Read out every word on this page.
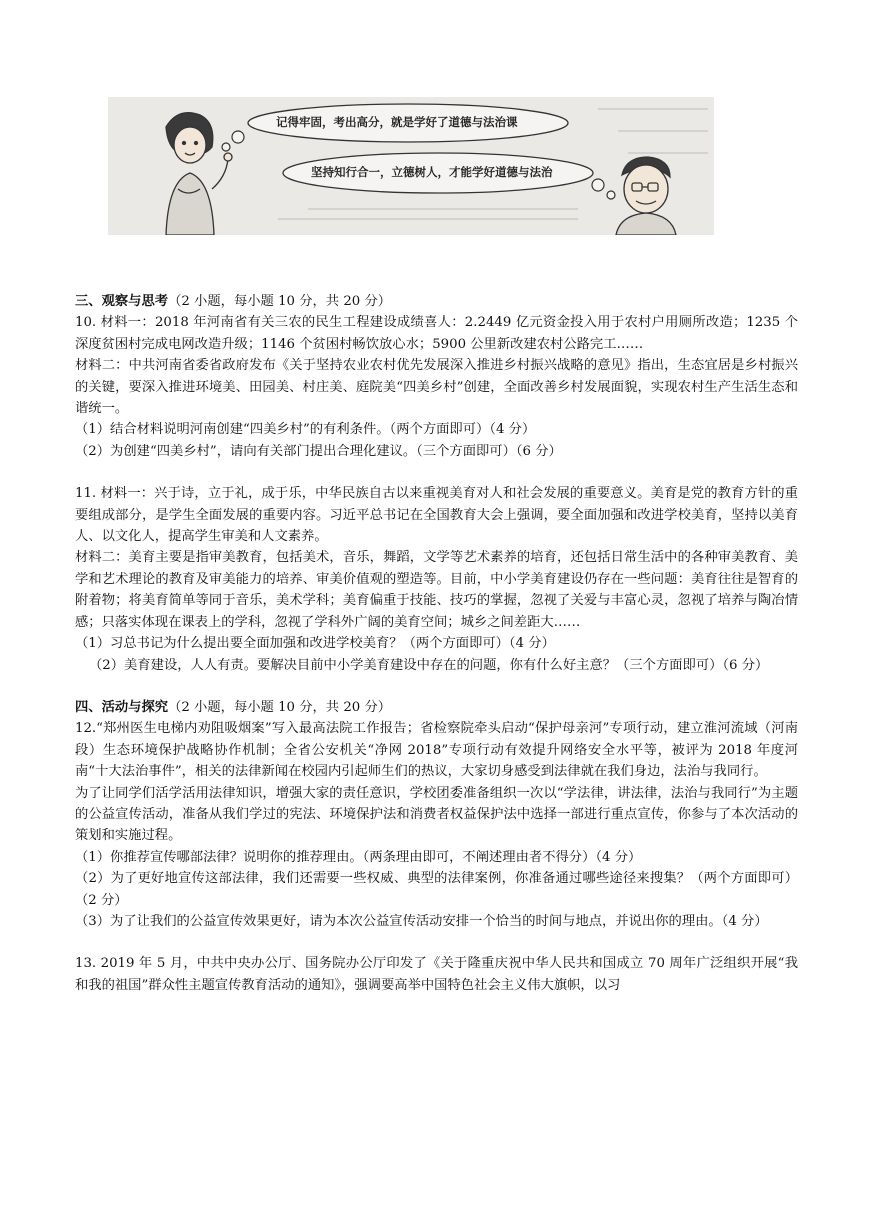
记得牢固，考出高分，就是学好了道德与法治课
坚持知行合一，立德树人，才能学好道德与法治

三、观察与思考（2 小题，每小题 10 分，共 20 分）

10. 材料一：2018 年河南省有关三农的民生工程建设成绩喜人：2.2449 亿元资金投入用于农村户用厕所改造；1235 个深度贫困村完成电网改造升级；1146 个贫困村畅饮放心水；5900 公里新改建农村公路完工……

材料二：中共河南省委省政府发布《关于坚持农业农村优先发展深入推进乡村振兴战略的意见》指出，生态宜居是乡村振兴的关键，要深入推进环境美、田园美、村庄美、庭院美“四美乡村”创建，全面改善乡村发展面貌，实现农村生产生活生态和谐统一。

（1）结合材料说明河南创建“四美乡村”的有利条件。（两个方面即可）（4 分）

（2）为创建“四美乡村”，请向有关部门提出合理化建议。（三个方面即可）（6 分）

11. 材料一：兴于诗，立于礼，成于乐，中华民族自古以来重视美育对人和社会发展的重要意义。美育是党的教育方针的重要组成部分，是学生全面发展的重要内容。习近平总书记在全国教育大会上强调，要全面加强和改进学校美育，坚持以美育人、以文化人，提高学生审美和人文素养。

材料二：美育主要是指审美教育，包括美术，音乐，舞蹈，文学等艺术素养的培育，还包括日常生活中的各种审美教育、美学和艺术理论的教育及审美能力的培养、审美价值观的塑造等。目前，中小学美育建设仍存在一些问题：美育往往是智育的附着物；将美育简单等同于音乐，美术学科；美育偏重于技能、技巧的掌握，忽视了关爱与丰富心灵，忽视了培养与陶冶情感；只落实体现在课表上的学科，忽视了学科外广阔的美育空间；城乡之间差距大……

（1）习总书记为什么提出要全面加强和改进学校美育？（两个方面即可）（4 分）

（2）美育建设，人人有责。要解决目前中小学美育建设中存在的问题，你有什么好主意？（三个方面即可）（6 分）

四、活动与探究（2 小题，每小题 10 分，共 20 分）

12.“郑州医生电梯内劝阻吸烟案”写入最高法院工作报告；省检察院牵头启动“保护母亲河”专项行动，建立淮河流域（河南段）生态环境保护战略协作机制；全省公安机关“净网 2018”专项行动有效提升网络安全水平等，被评为 2018 年度河南“十大法治事件”，相关的法律新闻在校园内引起师生们的热议，大家切身感受到法律就在我们身边，法治与我同行。

为了让同学们活学活用法律知识，增强大家的责任意识，学校团委准备组织一次以“学法律，讲法律，法治与我同行”为主题的公益宣传活动，准备从我们学过的宪法、环境保护法和消费者权益保护法中选择一部进行重点宣传，你参与了本次活动的策划和实施过程。

（1）你推荐宣传哪部法律？说明你的推荐理由。（两条理由即可，不阐述理由者不得分）（4 分）

（2）为了更好地宣传这部法律，我们还需要一些权威、典型的法律案例，你准备通过哪些途径来搜集？（两个方面即可）（2 分）

（3）为了让我们的公益宣传效果更好，请为本次公益宣传活动安排一个恰当的时间与地点，并说出你的理由。（4 分）

13. 2019 年 5 月，中共中央办公厅、国务院办公厅印发了《关于隆重庆祝中华人民共和国成立 70 周年广泛组织开展“我和我的祖国”群众性主题宣传教育活动的通知》，强调要高举中国特色社会主义伟大旗帜，以习
